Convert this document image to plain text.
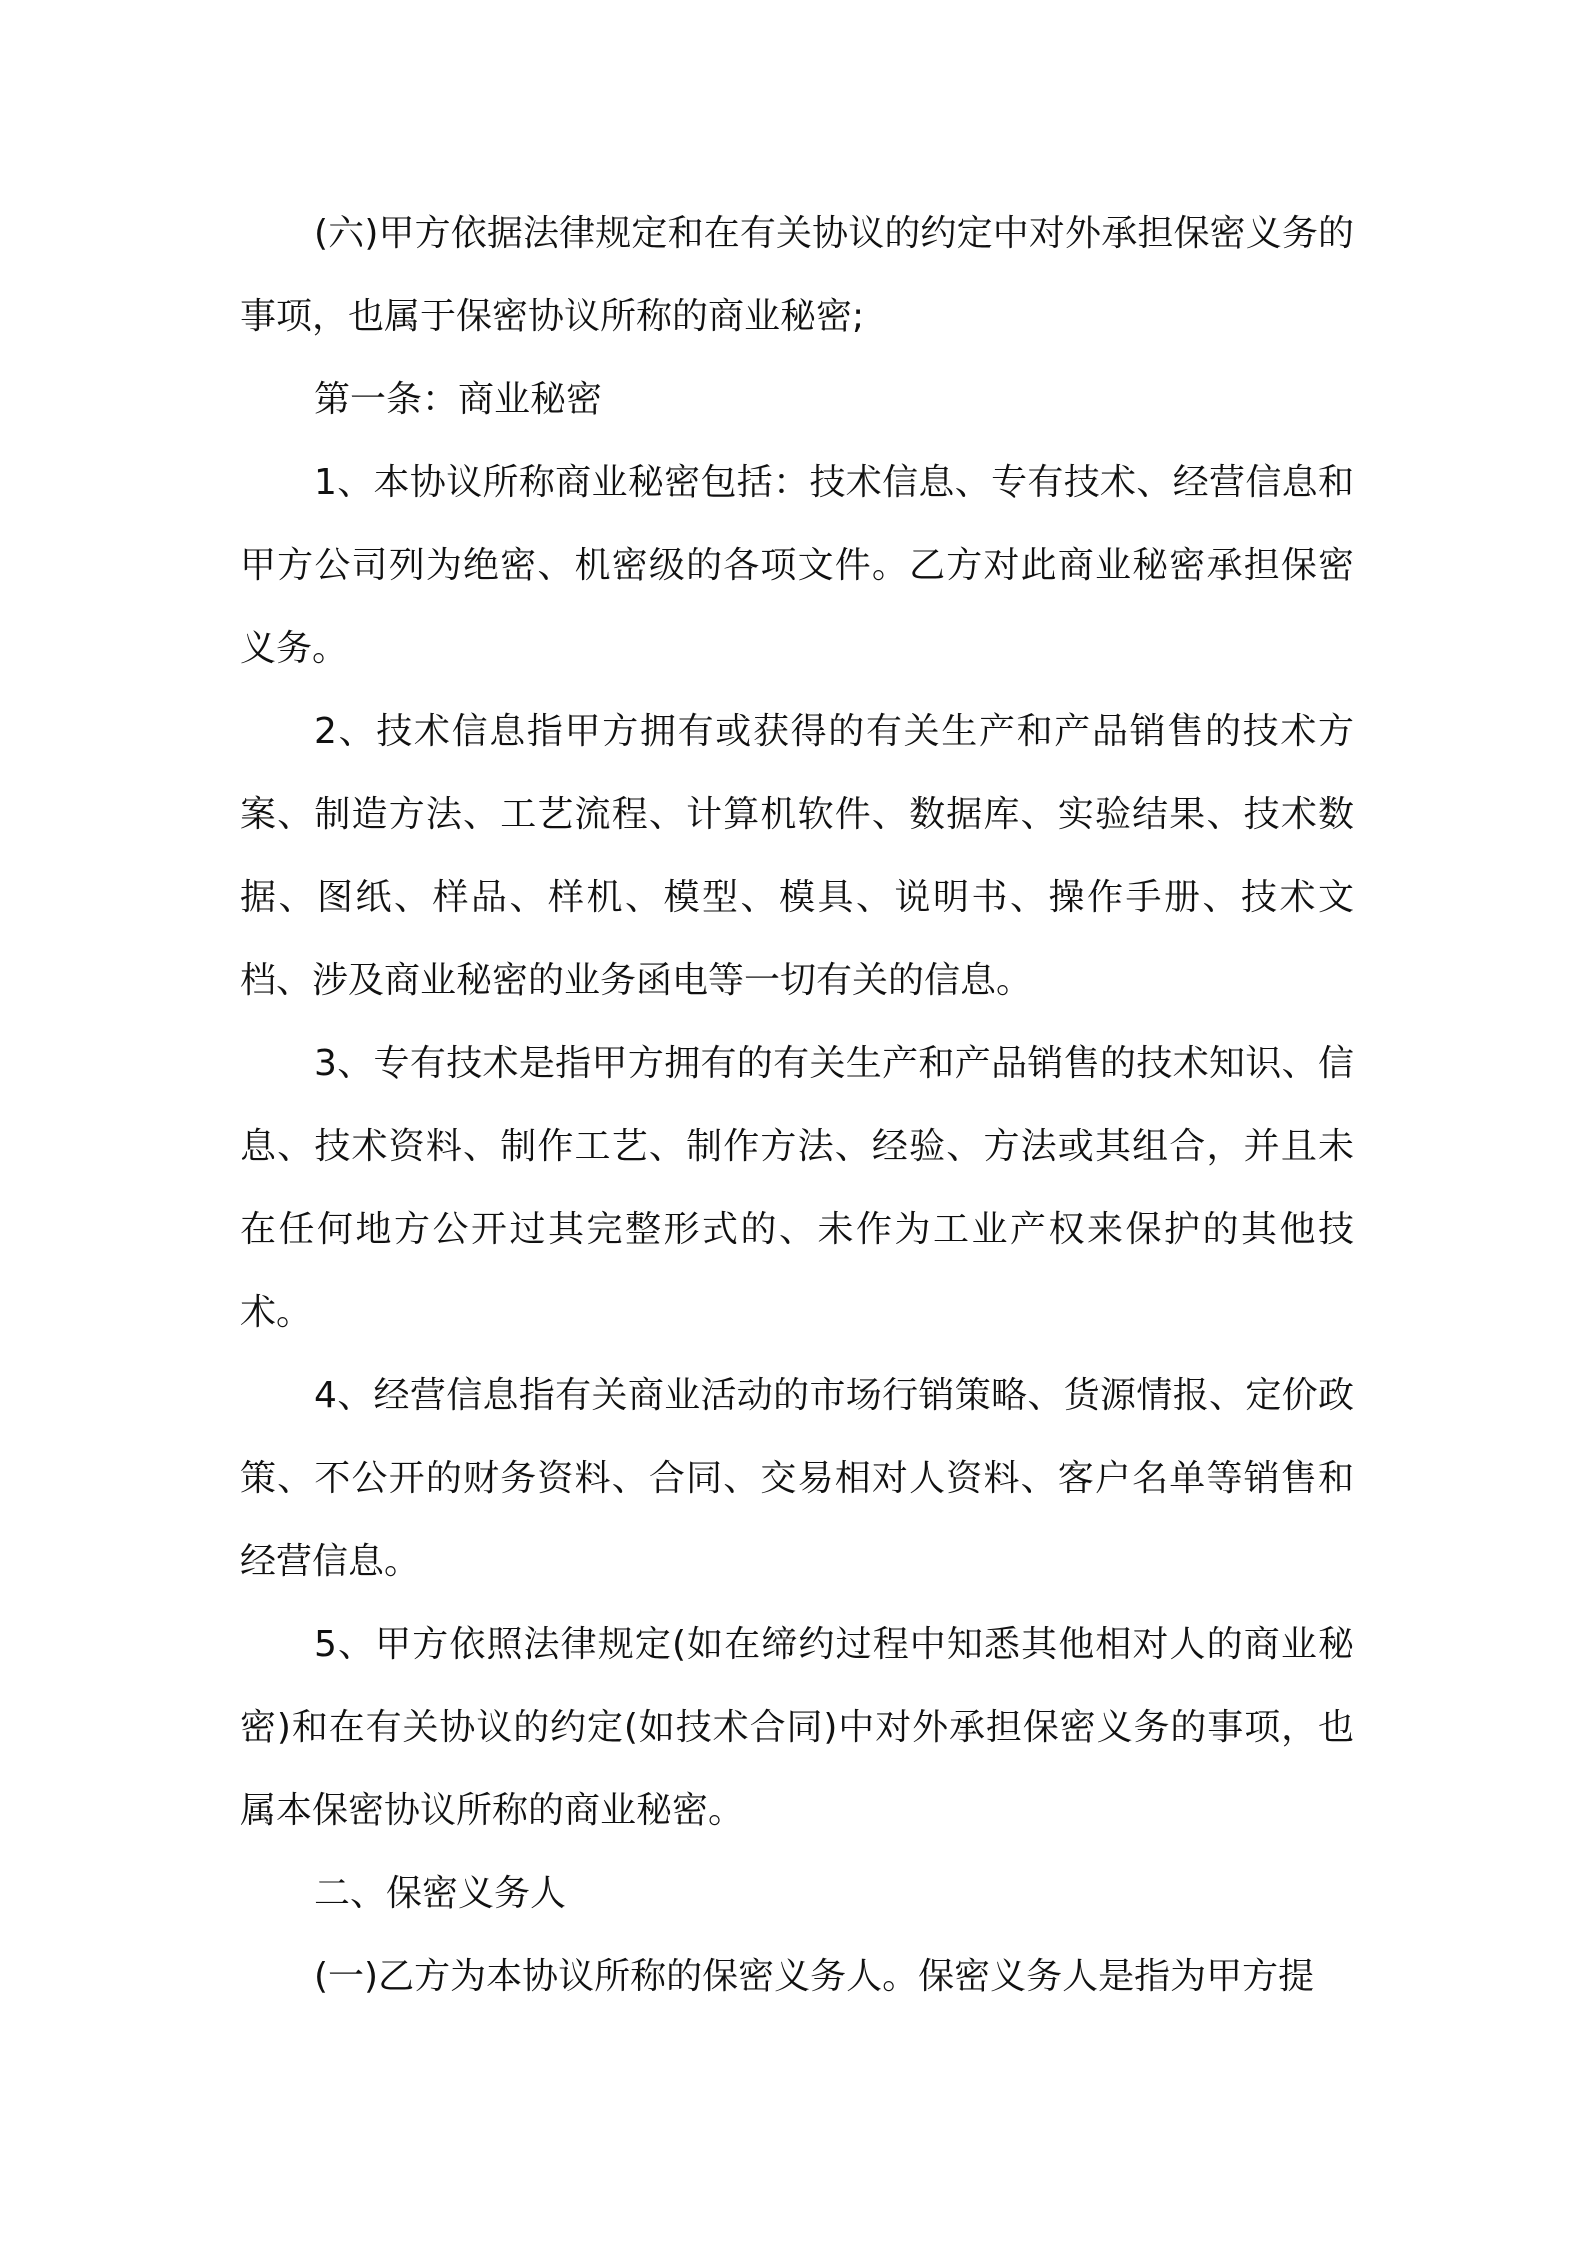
(六)甲方依据法律规定和在有关协议的约定中对外承担保密义务的事项，也属于保密协议所称的商业秘密;

第一条：商业秘密

1、本协议所称商业秘密包括：技术信息、专有技术、经营信息和甲方公司列为绝密、机密级的各项文件。乙方对此商业秘密承担保密义务。

2、技术信息指甲方拥有或获得的有关生产和产品销售的技术方案、制造方法、工艺流程、计算机软件、数据库、实验结果、技术数据、图纸、样品、样机、模型、模具、说明书、操作手册、技术文档、涉及商业秘密的业务函电等一切有关的信息。

3、专有技术是指甲方拥有的有关生产和产品销售的技术知识、信息、技术资料、制作工艺、制作方法、经验、方法或其组合，并且未在任何地方公开过其完整形式的、未作为工业产权来保护的其他技术。

4、经营信息指有关商业活动的市场行销策略、货源情报、定价政策、不公开的财务资料、合同、交易相对人资料、客户名单等销售和经营信息。

5、甲方依照法律规定(如在缔约过程中知悉其他相对人的商业秘密)和在有关协议的约定(如技术合同)中对外承担保密义务的事项，也属本保密协议所称的商业秘密。

二、保密义务人

(一)乙方为本协议所称的保密义务人。保密义务人是指为甲方提
